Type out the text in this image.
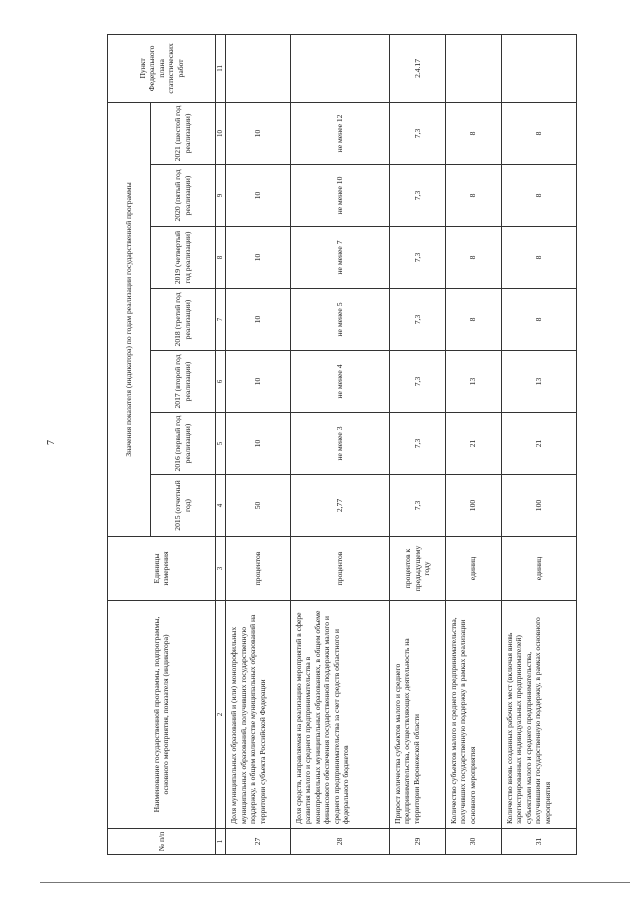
7
№ п/п	Наименование государственной программы, подпрограммы, основного мероприятия, показателя (индикатора)	Единицы измерения	Значения показателя (индикатора) по годам реализации государственной программы							Пункт Федерального плана статистических работ
			2015 (отчетный год)	2016 (первый год реализации)	2017 (второй год реализации)	2018 (третий год реализации)	2019 (четвертый год реализации)	2020 (пятый год реализации)	2021 (шестой год реализации)	
1	2	3	4	5	6	7	8	9	10	11
27	Доля муниципальных образований и (или) монопрофильных муниципальных образований, получивших государственную поддержку, в общем количестве муниципальных образований на территории субъекта Российской Федерации	процентов	50	10	10	10	10	10	10	
28	Доля средств, направляемая на реализацию мероприятий в сфере развития малого и среднего предпринимательства в монопрофильных муниципальных образованиях, в общем объеме финансового обеспечения государственной поддержки малого и среднего предпринимательства за счет средств областного и федерального бюджетов	процентов	2,77	не менее 3	не менее 4	не менее 5	не менее 7	не менее 10	не менее 12	
29	Прирост количества субъектов малого и среднего предпринимательства, осуществляющих деятельность на территории Воронежской области	процентов к предыдущему году	7,3	7,3	7,3	7,3	7,3	7,3	7,3	2.4.17
30	Количество субъектов малого и среднего предпринимательства, получивших государственную поддержку в рамках реализации основного мероприятия	единиц	100	21	13	8	8	8	8	
31	Количество вновь созданных рабочих мест (включая вновь зарегистрированных индивидуальных предпринимателей) субъектами малого и среднего предпринимательства, получившими государственную поддержку, в рамках основного мероприятия	единиц	100	21	13	8	8	8	8	
